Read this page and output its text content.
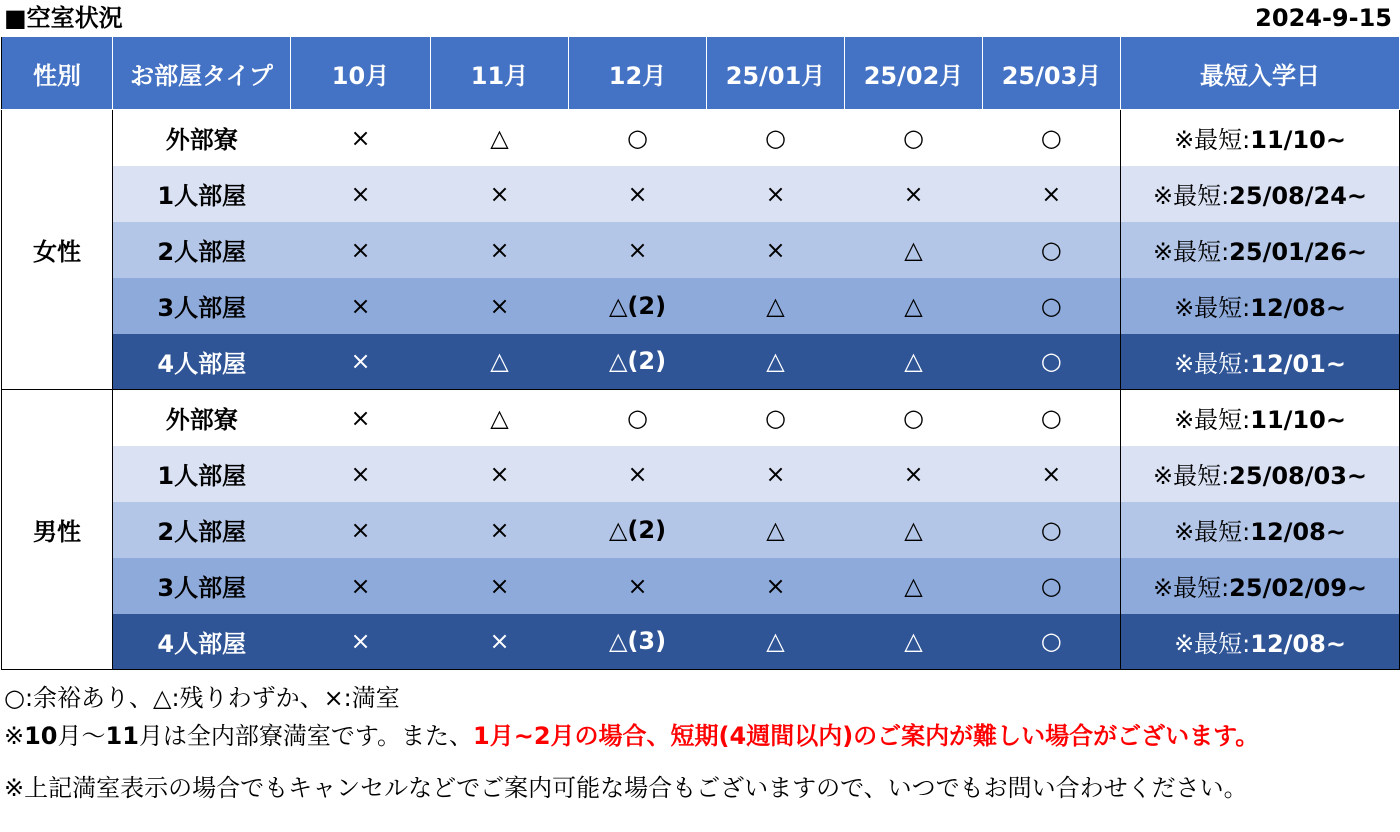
■空室状況	2024-9-15
性別	お部屋タイプ	10月	11月	12月	25/01月	25/02月	25/03月	最短入学日
女性	外部寮	×	△	○	○	○	○	※最短:11/10~
	1人部屋	×	×	×	×	×	×	※最短:25/08/24~
	2人部屋	×	×	×	×	△	○	※最短:25/01/26~
	3人部屋	×	×	△(2)	△	△	○	※最短:12/08~
	4人部屋	×	△	△(2)	△	△	○	※最短:12/01~
男性	外部寮	×	△	○	○	○	○	※最短:11/10~
	1人部屋	×	×	×	×	×	×	※最短:25/08/03~
	2人部屋	×	×	△(2)	△	△	○	※最短:12/08~
	3人部屋	×	×	×	×	△	○	※最短:25/02/09~
	4人部屋	×	×	△(3)	△	△	○	※最短:12/08~
○:余裕あり、△:残りわずか、×:満室
※10月～11月は全内部寮満室です。また、1月~2月の場合、短期(4週間以内)のご案内が難しい場合がございます。
※上記満室表示の場合でもキャンセルなどでご案内可能な場合もございますので、いつでもお問い合わせください。
